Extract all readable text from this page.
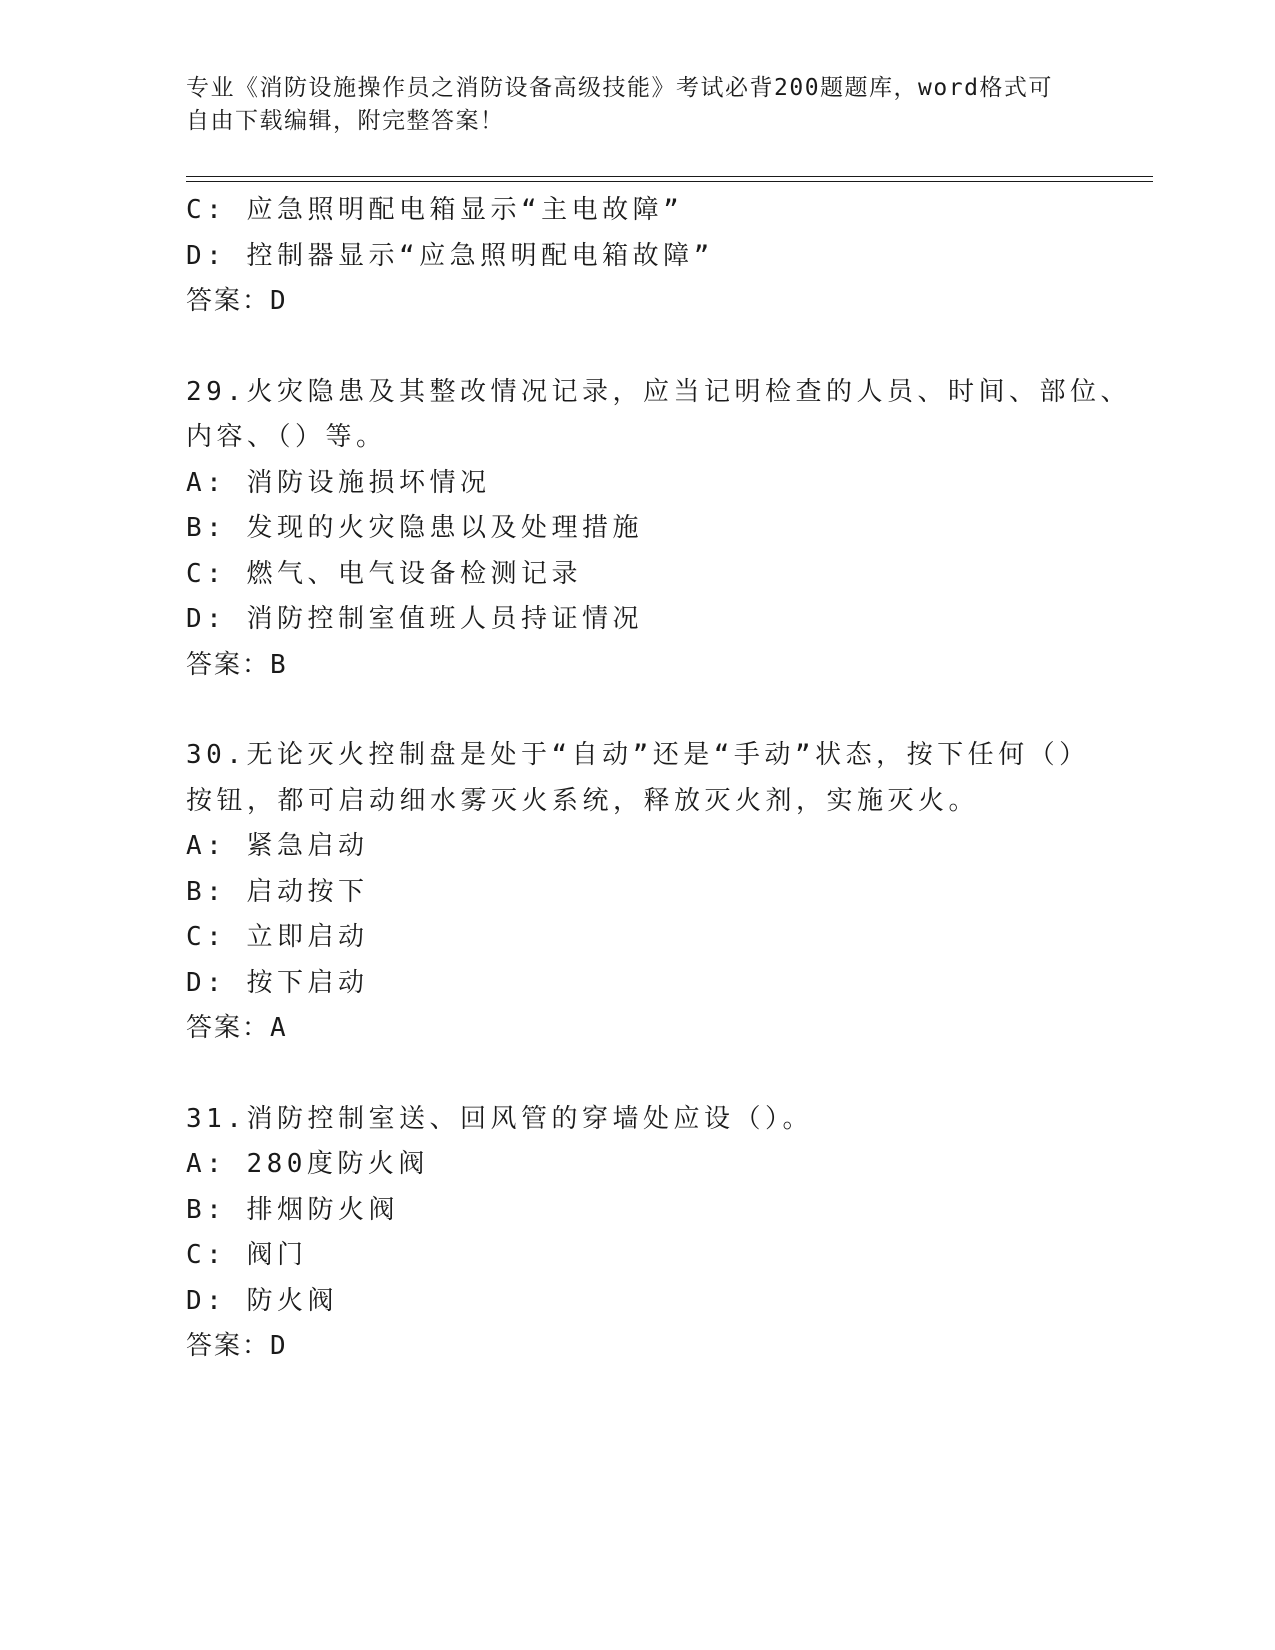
专业《消防设施操作员之消防设备高级技能》考试必背200题题库，word格式可
自由下载编辑，附完整答案！
C: 应急照明配电箱显示“主电故障”
D: 控制器显示“应急照明配电箱故障”
答案：D
29.火灾隐患及其整改情况记录，应当记明检查的人员、时间、部位、
内容、（）等。
A: 消防设施损坏情况
B: 发现的火灾隐患以及处理措施
C: 燃气、电气设备检测记录
D: 消防控制室值班人员持证情况
答案：B
30.无论灭火控制盘是处于“自动”还是“手动”状态，按下任何（）
按钮，都可启动细水雾灭火系统，释放灭火剂，实施灭火。
A: 紧急启动
B: 启动按下
C: 立即启动
D: 按下启动
答案：A
31.消防控制室送、回风管的穿墙处应设（）。
A: 280度防火阀
B: 排烟防火阀
C: 阀门
D: 防火阀
答案：D
